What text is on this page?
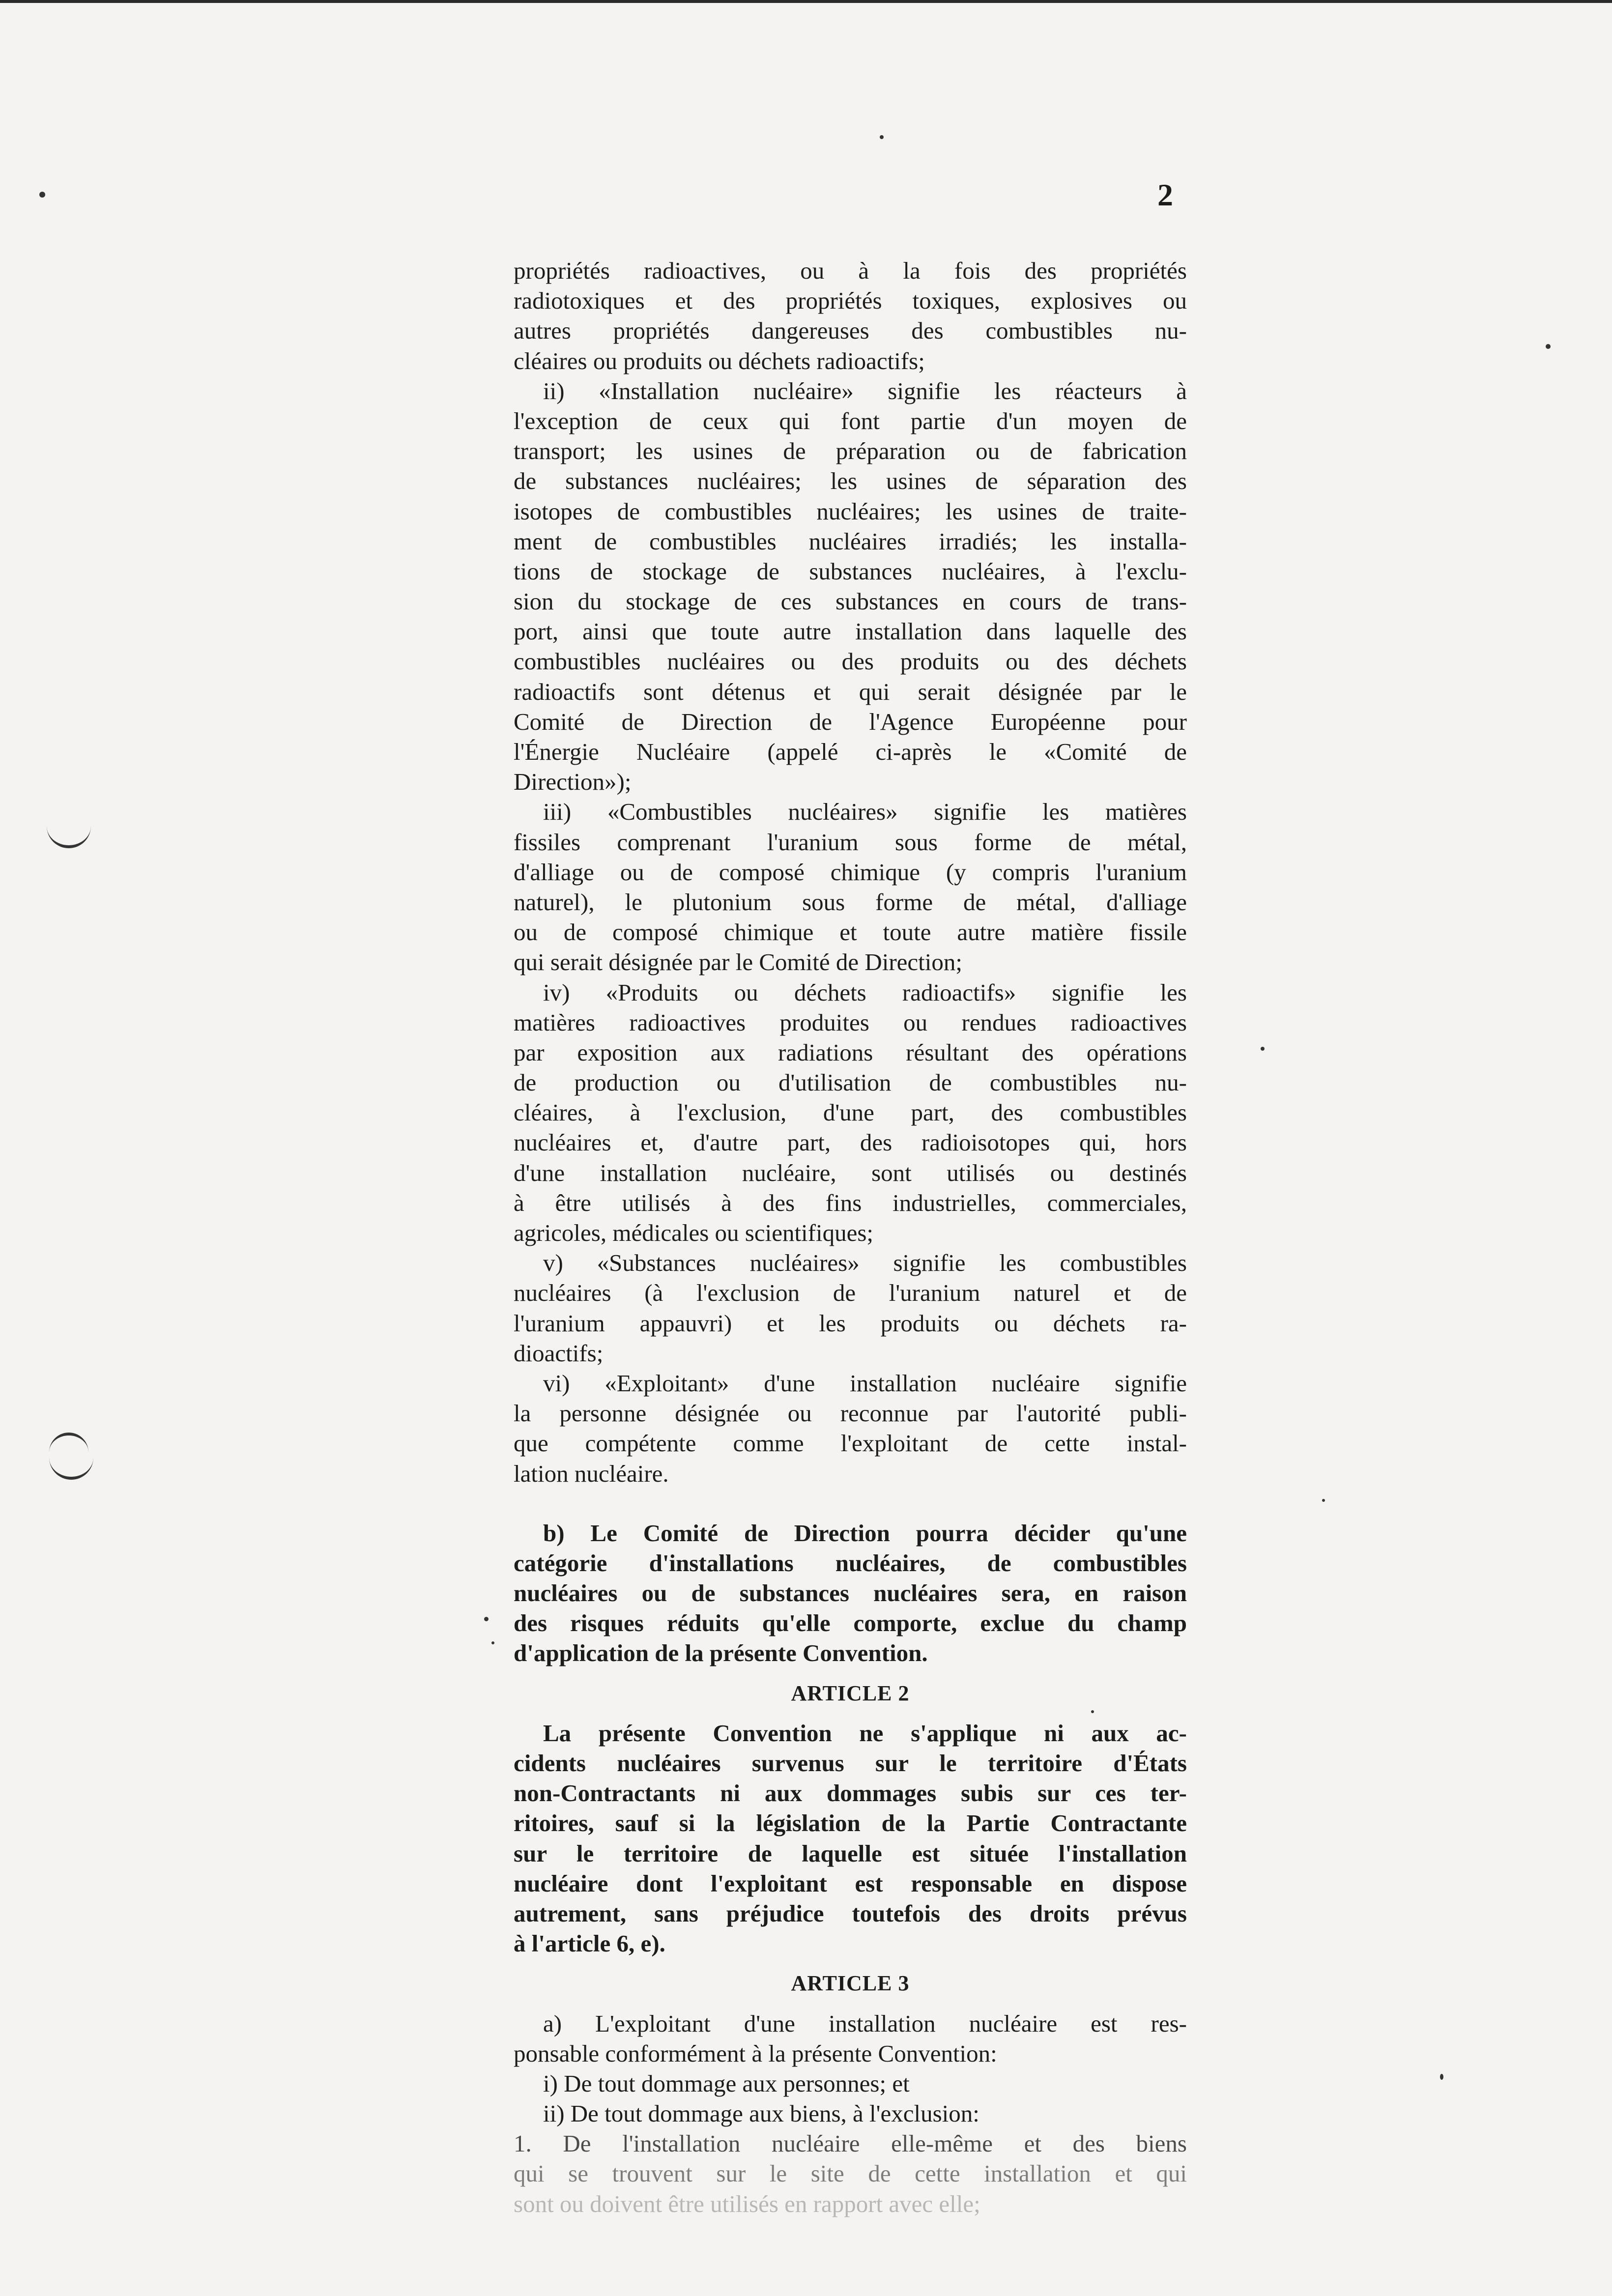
2
propriétés radioactives, ou à la fois des propriétés
radiotoxiques et des propriétés toxiques, explosives ou
autres propriétés dangereuses des combustibles nu-
cléaires ou produits ou déchets radioactifs;
ii) «Installation nucléaire» signifie les réacteurs à
l'exception de ceux qui font partie d'un moyen de
transport; les usines de préparation ou de fabrication
de substances nucléaires; les usines de séparation des
isotopes de combustibles nucléaires; les usines de traite-
ment de combustibles nucléaires irradiés; les installa-
tions de stockage de substances nucléaires, à l'exclu-
sion du stockage de ces substances en cours de trans-
port, ainsi que toute autre installation dans laquelle des
combustibles nucléaires ou des produits ou des déchets
radioactifs sont détenus et qui serait désignée par le
Comité de Direction de l'Agence Européenne pour
l'Énergie Nucléaire (appelé ci-après le «Comité de
Direction»);
iii) «Combustibles nucléaires» signifie les matières
fissiles comprenant l'uranium sous forme de métal,
d'alliage ou de composé chimique (y compris l'uranium
naturel), le plutonium sous forme de métal, d'alliage
ou de composé chimique et toute autre matière fissile
qui serait désignée par le Comité de Direction;
iv) «Produits ou déchets radioactifs» signifie les
matières radioactives produites ou rendues radioactives
par exposition aux radiations résultant des opérations
de production ou d'utilisation de combustibles nu-
cléaires, à l'exclusion, d'une part, des combustibles
nucléaires et, d'autre part, des radioisotopes qui, hors
d'une installation nucléaire, sont utilisés ou destinés
à être utilisés à des fins industrielles, commerciales,
agricoles, médicales ou scientifiques;
v) «Substances nucléaires» signifie les combustibles
nucléaires (à l'exclusion de l'uranium naturel et de
l'uranium appauvri) et les produits ou déchets ra-
dioactifs;
vi) «Exploitant» d'une installation nucléaire signifie
la personne désignée ou reconnue par l'autorité publi-
que compétente comme l'exploitant de cette instal-
lation nucléaire.
b) Le Comité de Direction pourra décider qu'une
catégorie d'installations nucléaires, de combustibles
nucléaires ou de substances nucléaires sera, en raison
des risques réduits qu'elle comporte, exclue du champ
d'application de la présente Convention.
ARTICLE 2
La présente Convention ne s'applique ni aux ac-
cidents nucléaires survenus sur le territoire d'États
non-Contractants ni aux dommages subis sur ces ter-
ritoires, sauf si la législation de la Partie Contractante
sur le territoire de laquelle est située l'installation
nucléaire dont l'exploitant est responsable en dispose
autrement, sans préjudice toutefois des droits prévus
à l'article 6, e).
ARTICLE 3
a) L'exploitant d'une installation nucléaire est res-
ponsable conformément à la présente Convention:
i) De tout dommage aux personnes; et
ii) De tout dommage aux biens, à l'exclusion:
1. De l'installation nucléaire elle-même et des biens
qui se trouvent sur le site de cette installation et qui
sont ou doivent être utilisés en rapport avec elle;
